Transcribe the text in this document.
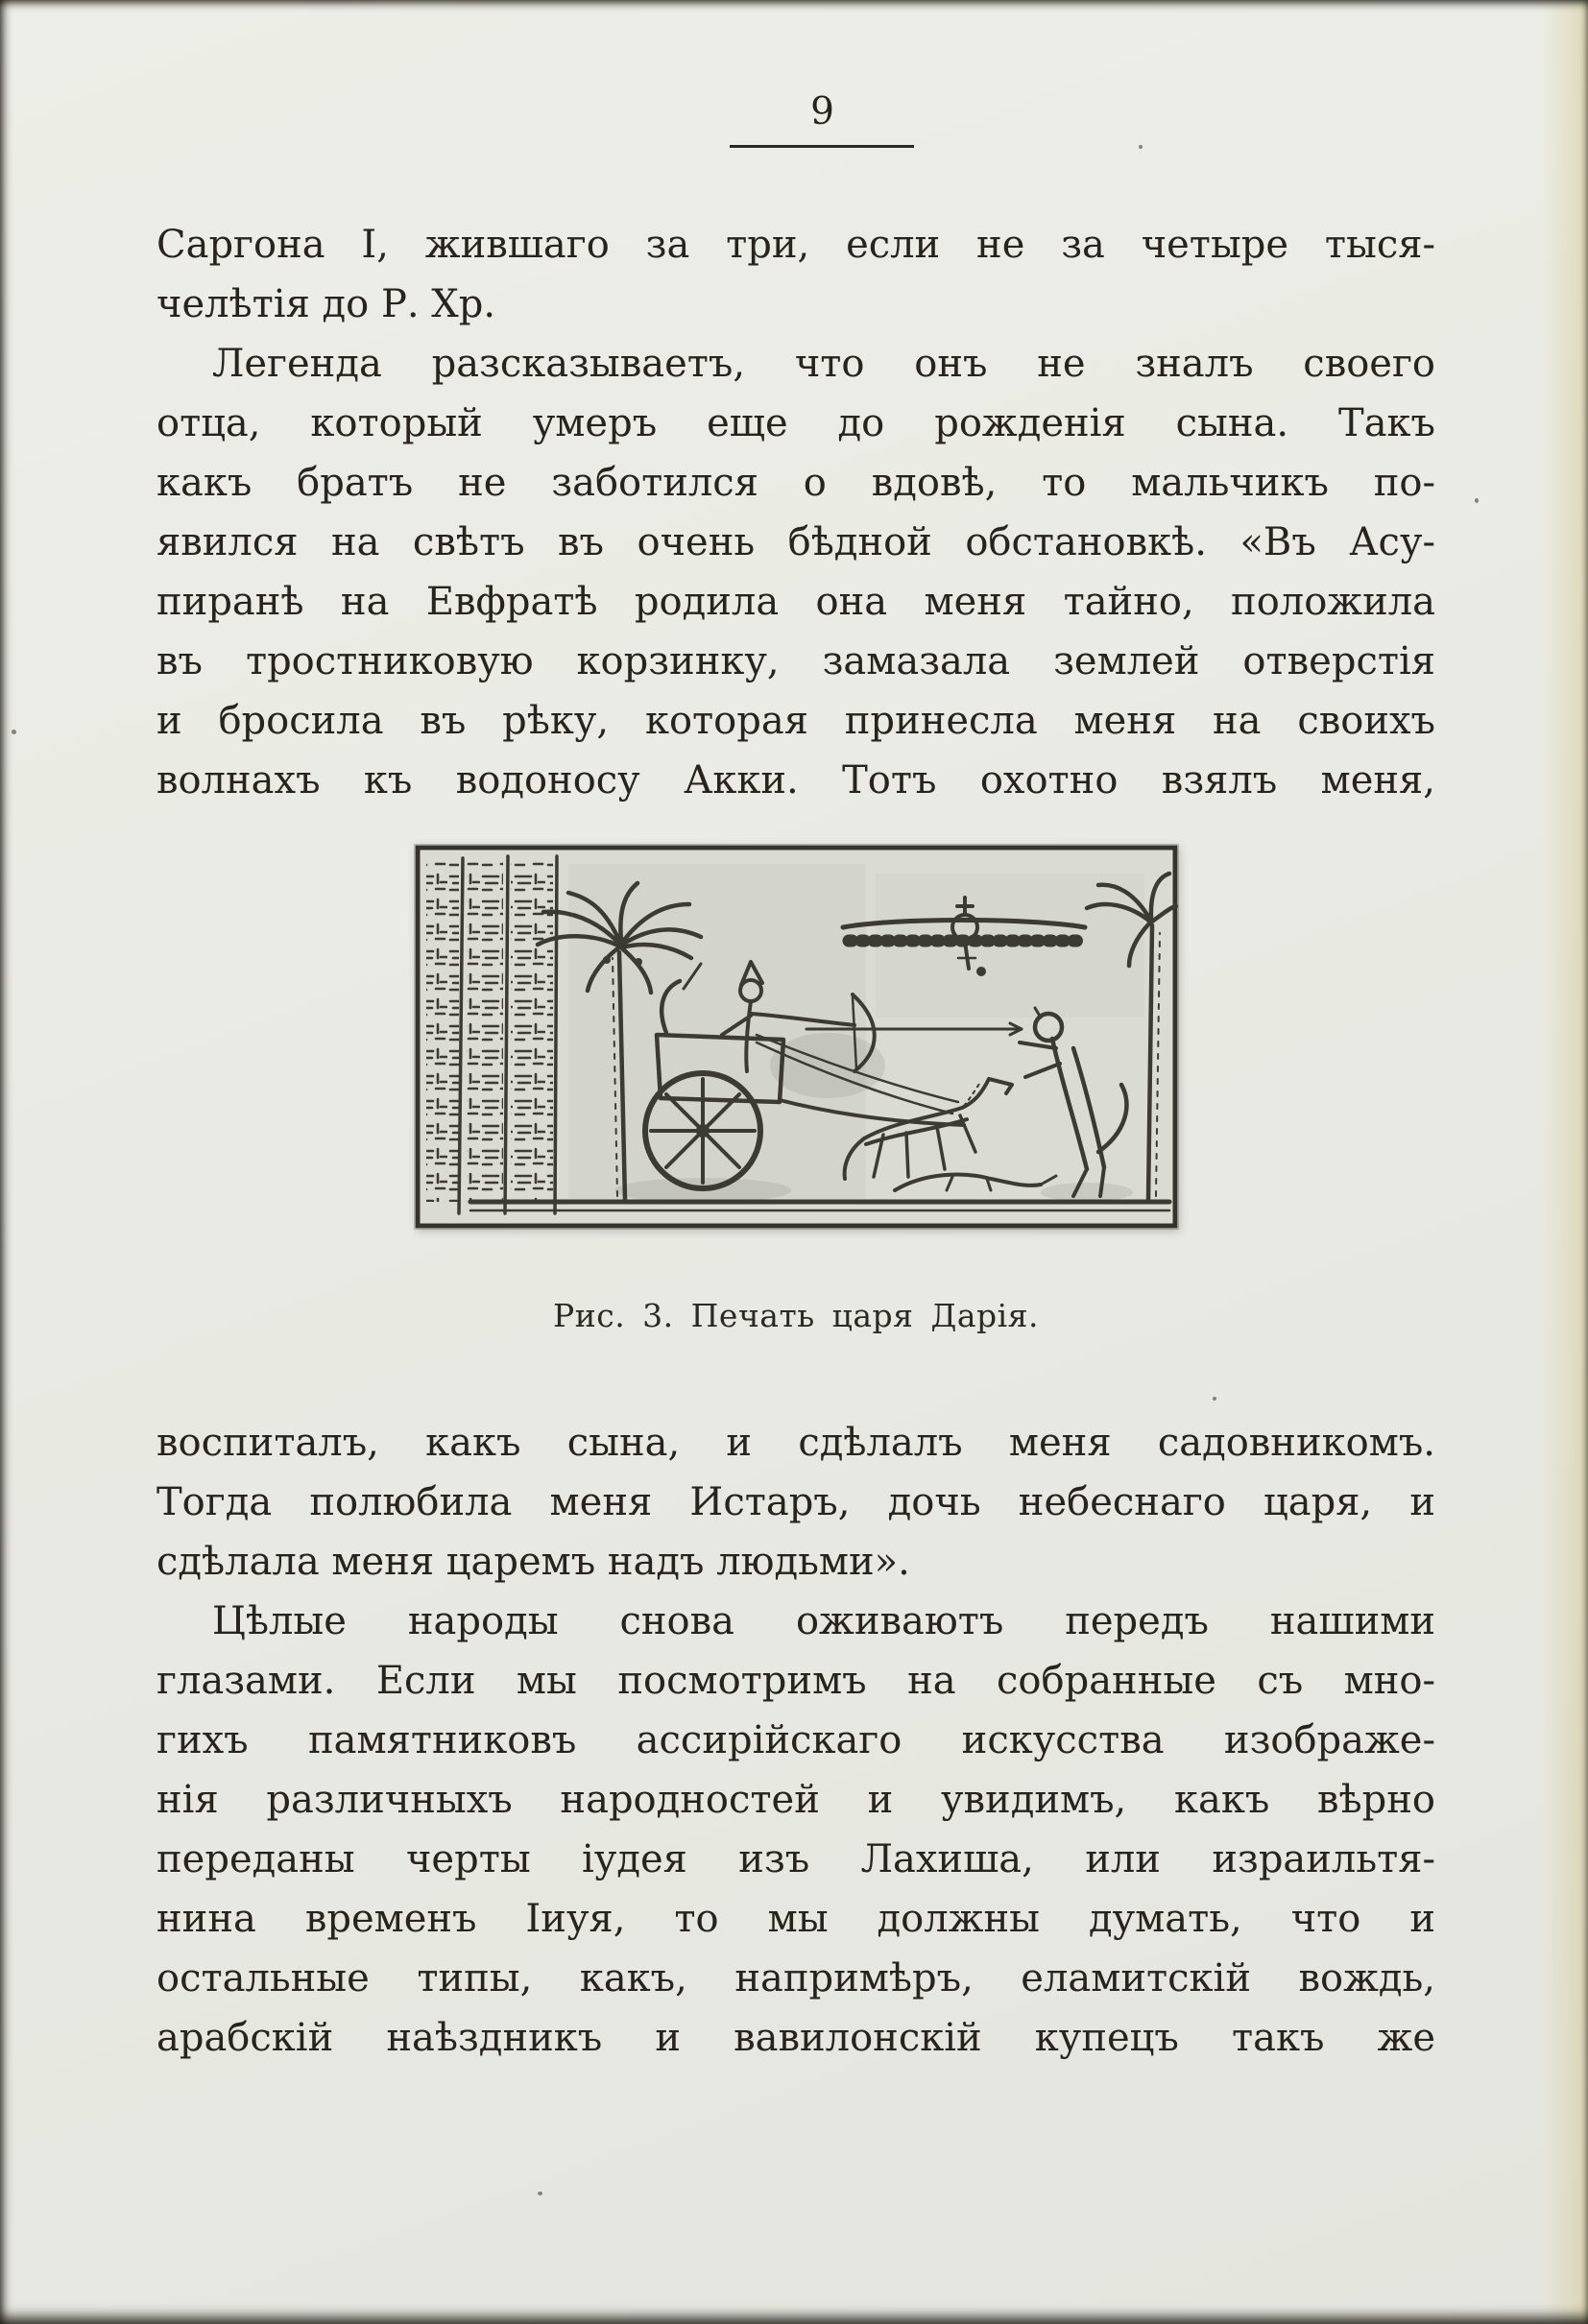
9
Саргона I, жившаго за три, если не за четыре тыся-
челѣтія до Р. Хр.
Легенда разсказываетъ, что онъ не зналъ своего
отца, который умеръ еще до рожденія сына. Такъ
какъ братъ не заботился о вдовѣ, то мальчикъ по-
явился на свѣтъ въ очень бѣдной обстановкѣ. «Въ Асу-
пиранѣ на Евфратѣ родила она меня тайно, положила
въ тростниковую корзинку, замазала землей отверстія
и бросила въ рѣку, которая принесла меня на своихъ
волнахъ къ водоносу Акки. Тотъ охотно взялъ меня,
Рис. 3. Печать царя Дарія.
воспиталъ, какъ сына, и сдѣлалъ меня садовникомъ.
Тогда полюбила меня Истаръ, дочь небеснаго царя, и
сдѣлала меня царемъ надъ людьми».
Цѣлые народы снова оживаютъ передъ нашими
глазами. Если мы посмотримъ на собранные съ мно-
гихъ памятниковъ ассирійскаго искусства изображе-
нія различныхъ народностей и увидимъ, какъ вѣрно
переданы черты іудея изъ Лахиша, или израильтя-
нина временъ Іиуя, то мы должны думать, что и
остальные типы, какъ, напримѣръ, еламитскій вождь,
арабскій наѣздникъ и вавилонскій купецъ такъ же
